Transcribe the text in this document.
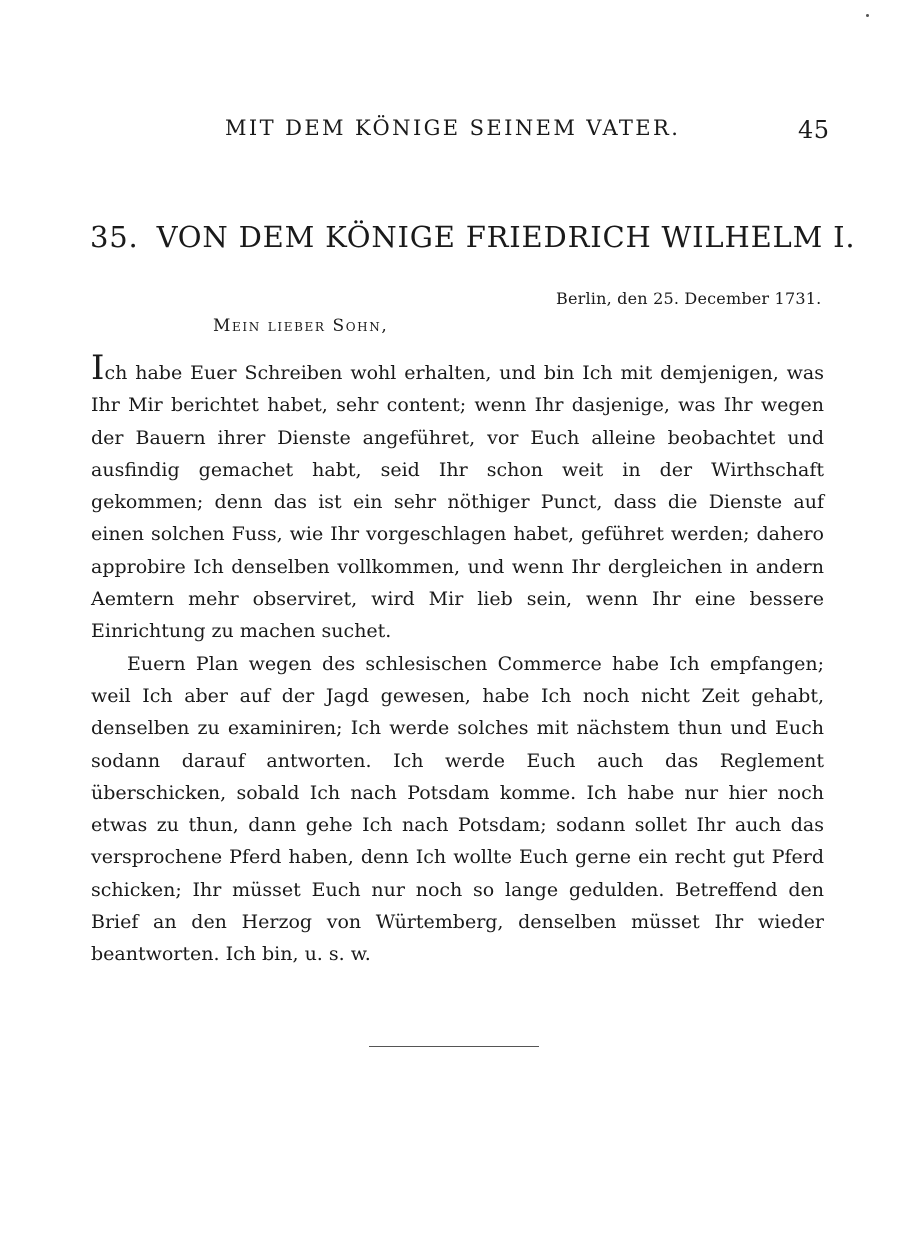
MIT DEM KÖNIGE SEINEM VATER.	45
35. VON DEM KÖNIGE FRIEDRICH WILHELM I.
Berlin, den 25. December 1731.
Mein lieber Sohn,

Ich habe Euer Schreiben wohl erhalten, und bin Ich mit demjenigen, was Ihr Mir berichtet habet, sehr content; wenn Ihr dasjenige, was Ihr wegen der Bauern ihrer Dienste angeführet, vor Euch alleine beobachtet und ausfindig gemachet habt, seid Ihr schon weit in der Wirthschaft gekommen; denn das ist ein sehr nöthiger Punct, dass die Dienste auf einen solchen Fuss, wie Ihr vorgeschlagen habet, geführet werden; dahero approbire Ich denselben vollkommen, und wenn Ihr dergleichen in andern Aemtern mehr observiret, wird Mir lieb sein, wenn Ihr eine bessere Einrichtung zu machen suchet.

Euern Plan wegen des schlesischen Commerce habe Ich empfangen; weil Ich aber auf der Jagd gewesen, habe Ich noch nicht Zeit gehabt, denselben zu examiniren; Ich werde solches mit nächstem thun und Euch sodann darauf antworten. Ich werde Euch auch das Reglement überschicken, sobald Ich nach Potsdam komme. Ich habe nur hier noch etwas zu thun, dann gehe Ich nach Potsdam; sodann sollet Ihr auch das versprochene Pferd haben, denn Ich wollte Euch gerne ein recht gut Pferd schicken; Ihr müsset Euch nur noch so lange gedulden. Betreffend den Brief an den Herzog von Würtemberg, denselben müsset Ihr wieder beantworten. Ich bin, u. s. w.
